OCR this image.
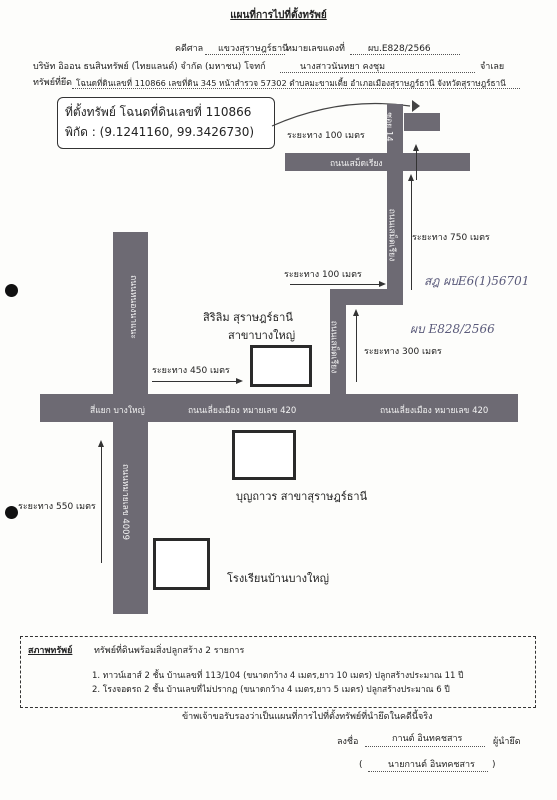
แผนที่การไปที่ตั้งทรัพย์
คดีศาล แขวงสุราษฎร์ธานี
หมายเลขแดงที่	ผบ.E828/2566
บริษัท อิออน ธนสินทรัพย์ (ไทยแลนด์) จำกัด (มหาชน) โจทก์	นางสาวนันทยา คงชุม	จำเลย
ทรัพย์ที่ยึด โฉนดที่ดินเลขที่ 110866 เลขที่ดิน 345 หน้าสำรวจ 57302 ตำบลมะขามเตี้ย อำเภอเมืองสุราษฎร์ธานี จังหวัดสุราษฎร์ธานี
ที่ตั้งทรัพย์ โฉนดที่ดินเลขที่ 110866
พิกัด : (9.1241160, 99.3426730)	ซอย 14
ถนนเสม็ดเรียง
ถนนเสม็ดเรียง
ถนนเสม็ดเรียง
ถนนหนองนาแนะ
สี่แยก บางใหญ่	ถนนเลี่ยงเมือง หมายเลข 420	ถนนเลี่ยงเมือง หมายเลข 420
ถนนหมายเลข 4009
สิริลิม สุราษฎร์ธานี
สาขาบางใหญ่
บุญถาวร สาขาสุราษฎร์ธานี
โรงเรียนบ้านบางใหญ่
ระยะทาง 100 เมตร
ระยะทาง 750 เมตร
ระยะทาง 100 เมตร
ระยะทาง 300 เมตร
ระยะทาง 450 เมตร
ระยะทาง 550 เมตร
สฎ ผบE6(1)56701
ผบ E828/2566
สภาพทรัพย์ ทรัพย์ที่ดินพร้อมสิ่งปลูกสร้าง 2 รายการ
1. ทาวน์เฮาส์ 2 ชั้น บ้านเลขที่ 113/104 (ขนาดกว้าง 4 เมตร,ยาว 10 เมตร) ปลูกสร้างประมาณ 11 ปี
2. โรงจอดรถ 2 ชั้น บ้านเลขที่ไม่ปรากฏ (ขนาดกว้าง 4 เมตร,ยาว 5 เมตร) ปลูกสร้างประมาณ 6 ปี
ข้าพเจ้าขอรับรองว่าเป็นแผนที่การไปที่ตั้งทรัพย์ที่นำยึดในคดีนี้จริง
ลงชื่อ	กานต์ อินทคชสาร	ผู้นำยึด
(	นายกานต์ อินทคชสาร )
